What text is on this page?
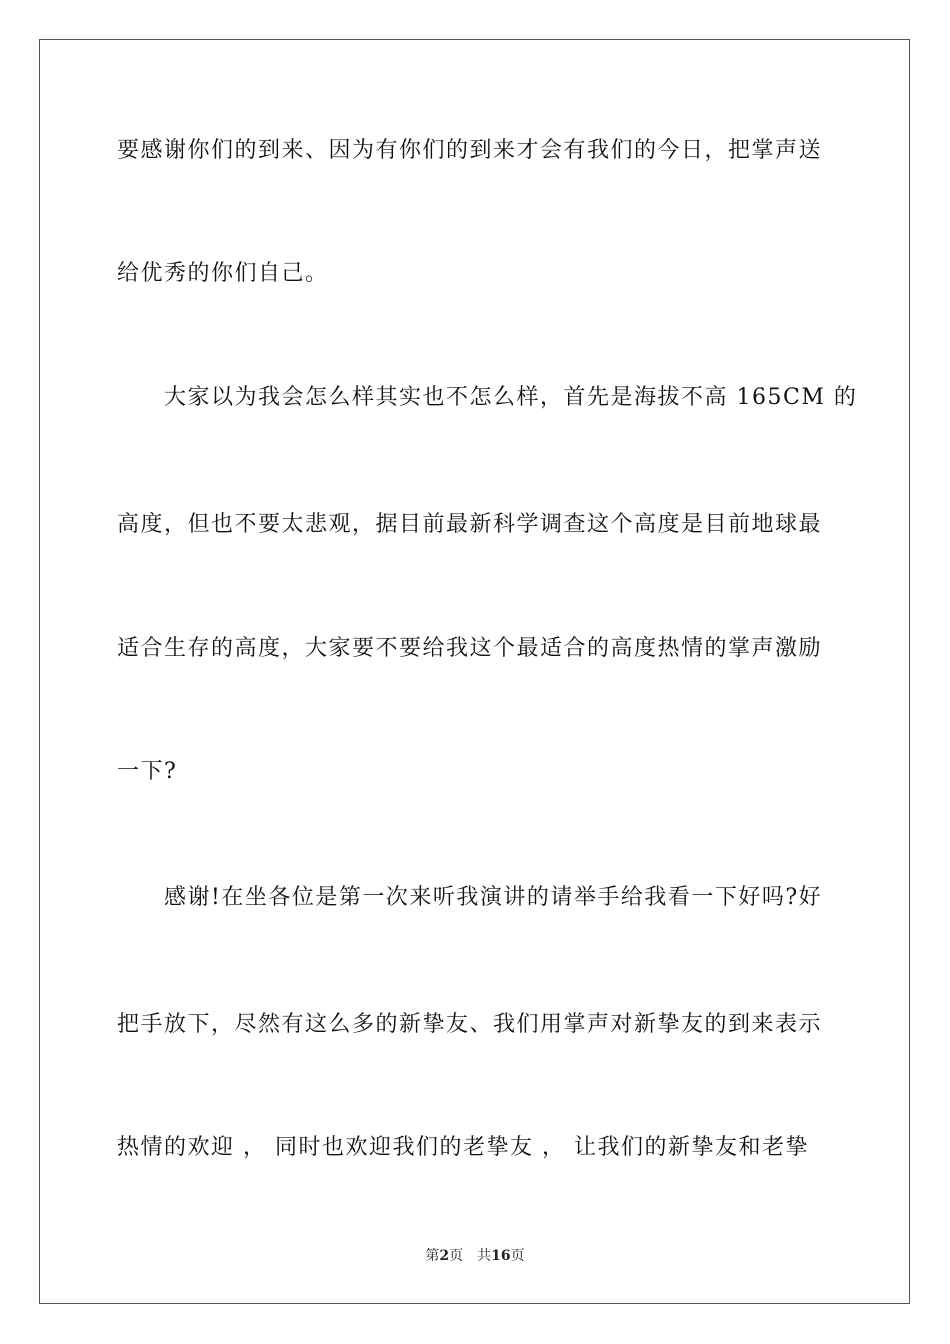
要感谢你们的到来、因为有你们的到来才会有我们的今日，把掌声送
给优秀的你们自己。
　　大家以为我会怎么样其实也不怎么样，首先是海拔不高 165CM 的
高度，但也不要太悲观，据目前最新科学调查这个高度是目前地球最
适合生存的高度，大家要不要给我这个最适合的高度热情的掌声激励
一下?
　　感谢!在坐各位是第一次来听我演讲的请举手给我看一下好吗?好
把手放下，尽然有这么多的新挚友、我们用掌声对新挚友的到来表示
热情的欢迎 ， 同时也欢迎我们的老挚友 ， 让我们的新挚友和老挚
第2页 共16页
